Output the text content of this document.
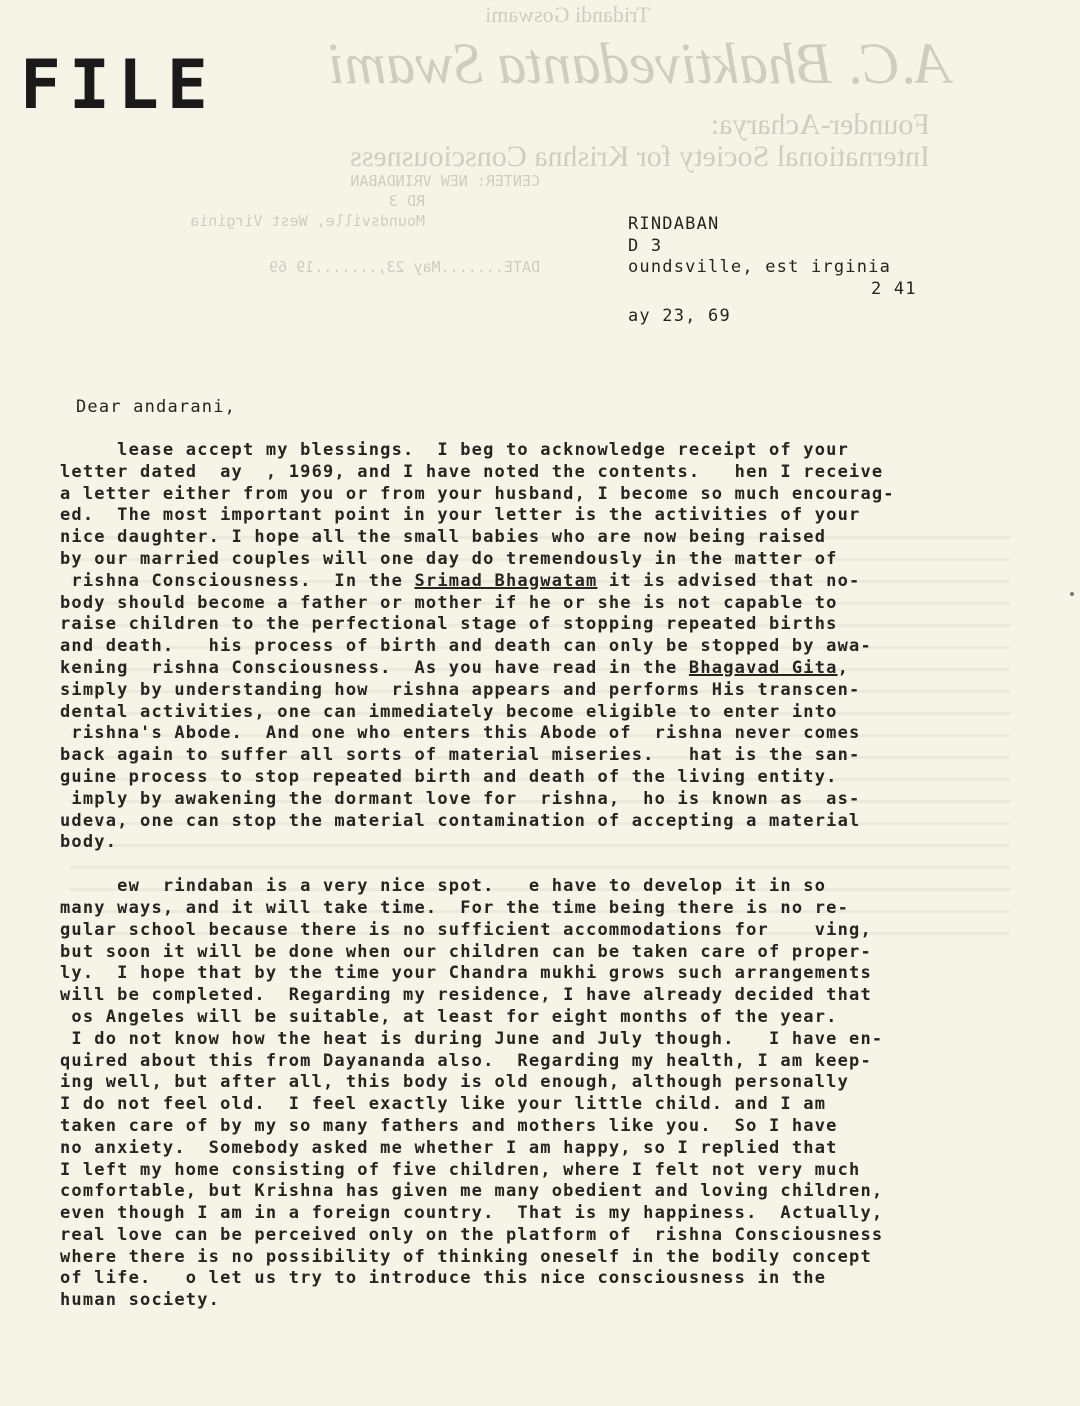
Tridandi Goswami
A.C. Bhaktivedanta Swami
Founder-Acharya:
International Society for Krishna Consciousness
CENTER: NEW VRINDABAN
RD 3
Moundsville, West Virginia
DATE.......May 23,.......19 69
FILE
RINDABAN
D 3
oundsville, est irginia
2 41
ay 23, 69
Dear andarani,
lease accept my blessings.  I beg to acknowledge receipt of your
letter dated  ay  , 1969, and I have noted the contents.   hen I receive
a letter either from you or from your husband, I become so much encourag-
ed.  The most important point in your letter is the activities of your
nice daughter. I hope all the small babies who are now being raised
by our married couples will one day do tremendously in the matter of
rishna Consciousness.  In the Srimad Bhagwatam it is advised that no-
body should become a father or mother if he or she is not capable to
raise children to the perfectional stage of stopping repeated births
and death.   his process of birth and death can only be stopped by awa-
kening  rishna Consciousness.  As you have read in the Bhagavad Gita,
simply by understanding how  rishna appears and performs His transcen-
dental activities, one can immediately become eligible to enter into
rishna's Abode.  And one who enters this Abode of  rishna never comes
back again to suffer all sorts of material miseries.   hat is the san-
guine process to stop repeated birth and death of the living entity.
imply by awakening the dormant love for  rishna,  ho is known as  as-
udeva, one can stop the material contamination of accepting a material
body.
ew  rindaban is a very nice spot.   e have to develop it in so
many ways, and it will take time.  For the time being there is no re-
gular school because there is no sufficient accommodations for    ving,
but soon it will be done when our children can be taken care of proper-
ly.  I hope that by the time your Chandra mukhi grows such arrangements
will be completed.  Regarding my residence, I have already decided that
os Angeles will be suitable, at least for eight months of the year.
I do not know how the heat is during June and July though.   I have en-
quired about this from Dayananda also.  Regarding my health, I am keep-
ing well, but after all, this body is old enough, although personally
I do not feel old.  I feel exactly like your little child. and I am
taken care of by my so many fathers and mothers like you.  So I have
no anxiety.  Somebody asked me whether I am happy, so I replied that
I left my home consisting of five children, where I felt not very much
comfortable, but Krishna has given me many obedient and loving children,
even though I am in a foreign country.  That is my happiness.  Actually,
real love can be perceived only on the platform of  rishna Consciousness
where there is no possibility of thinking oneself in the bodily concept
of life.   o let us try to introduce this nice consciousness in the
human society.
